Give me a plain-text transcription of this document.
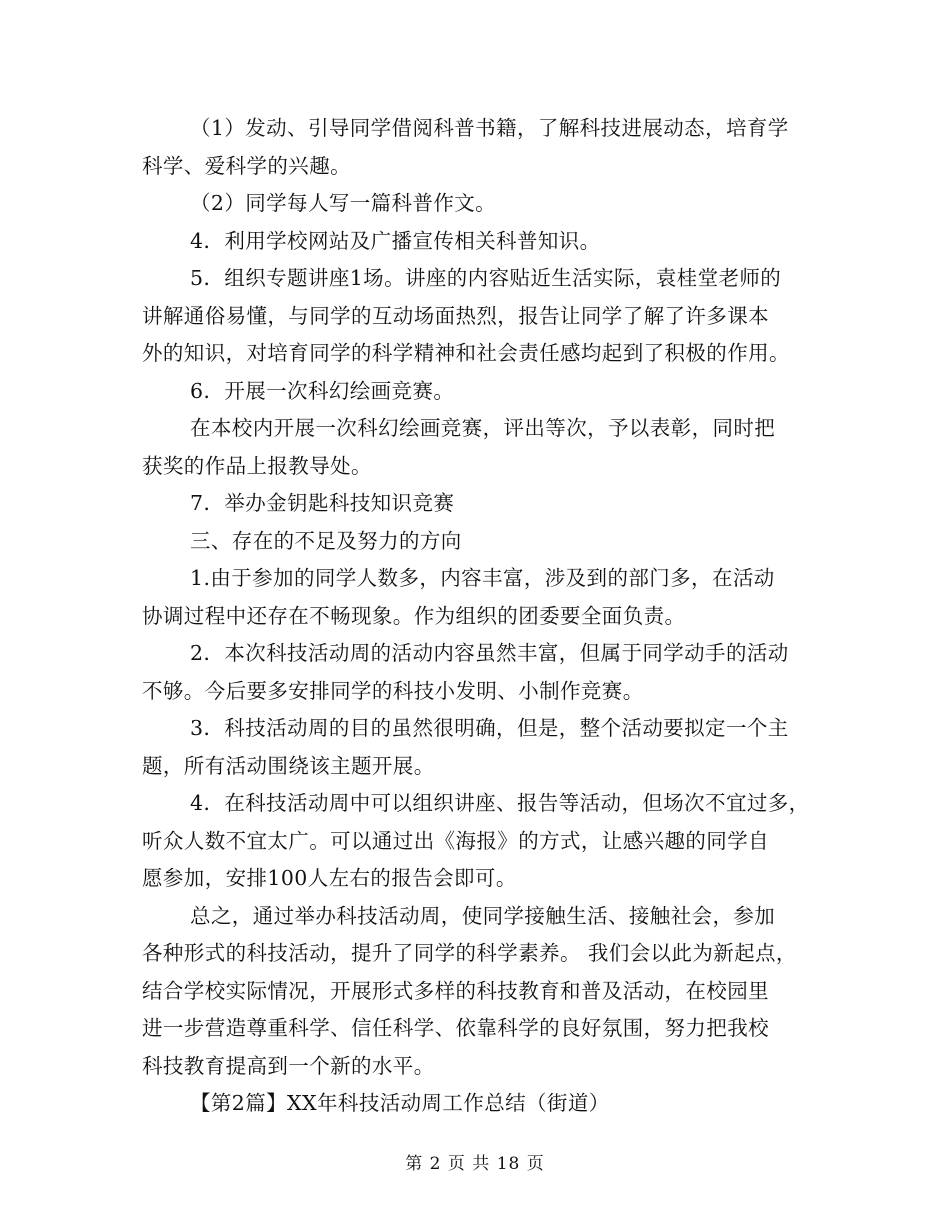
（1）发动、引导同学借阅科普书籍，了解科技进展动态，培育学
科学、爱科学的兴趣。
（2）同学每人写一篇科普作文。
4．利用学校网站及广播宣传相关科普知识。
5．组织专题讲座1场。讲座的内容贴近生活实际，袁桂堂老师的
讲解通俗易懂，与同学的互动场面热烈，报告让同学了解了许多课本
外的知识，对培育同学的科学精神和社会责任感均起到了积极的作用。
6．开展一次科幻绘画竞赛。
在本校内开展一次科幻绘画竞赛，评出等次，予以表彰，同时把
获奖的作品上报教导处。
7．举办金钥匙科技知识竞赛
三、存在的不足及努力的方向
1.由于参加的同学人数多，内容丰富，涉及到的部门多，在活动
协调过程中还存在不畅现象。作为组织的团委要全面负责。
2．本次科技活动周的活动内容虽然丰富，但属于同学动手的活动
不够。今后要多安排同学的科技小发明、小制作竞赛。
3．科技活动周的目的虽然很明确，但是，整个活动要拟定一个主
题，所有活动围绕该主题开展。
4．在科技活动周中可以组织讲座、报告等活动，但场次不宜过多，
听众人数不宜太广。可以通过出《海报》的方式，让感兴趣的同学自
愿参加，安排100人左右的报告会即可。
总之，通过举办科技活动周，使同学接触生活、接触社会，参加
各种形式的科技活动，提升了同学的科学素养。 我们会以此为新起点，
结合学校实际情况，开展形式多样的科技教育和普及活动，在校园里
进一步营造尊重科学、信任科学、依靠科学的良好氛围，努力把我校
科技教育提高到一个新的水平。
【第2篇】XX年科技活动周工作总结（街道）
第 2 页 共 18 页
